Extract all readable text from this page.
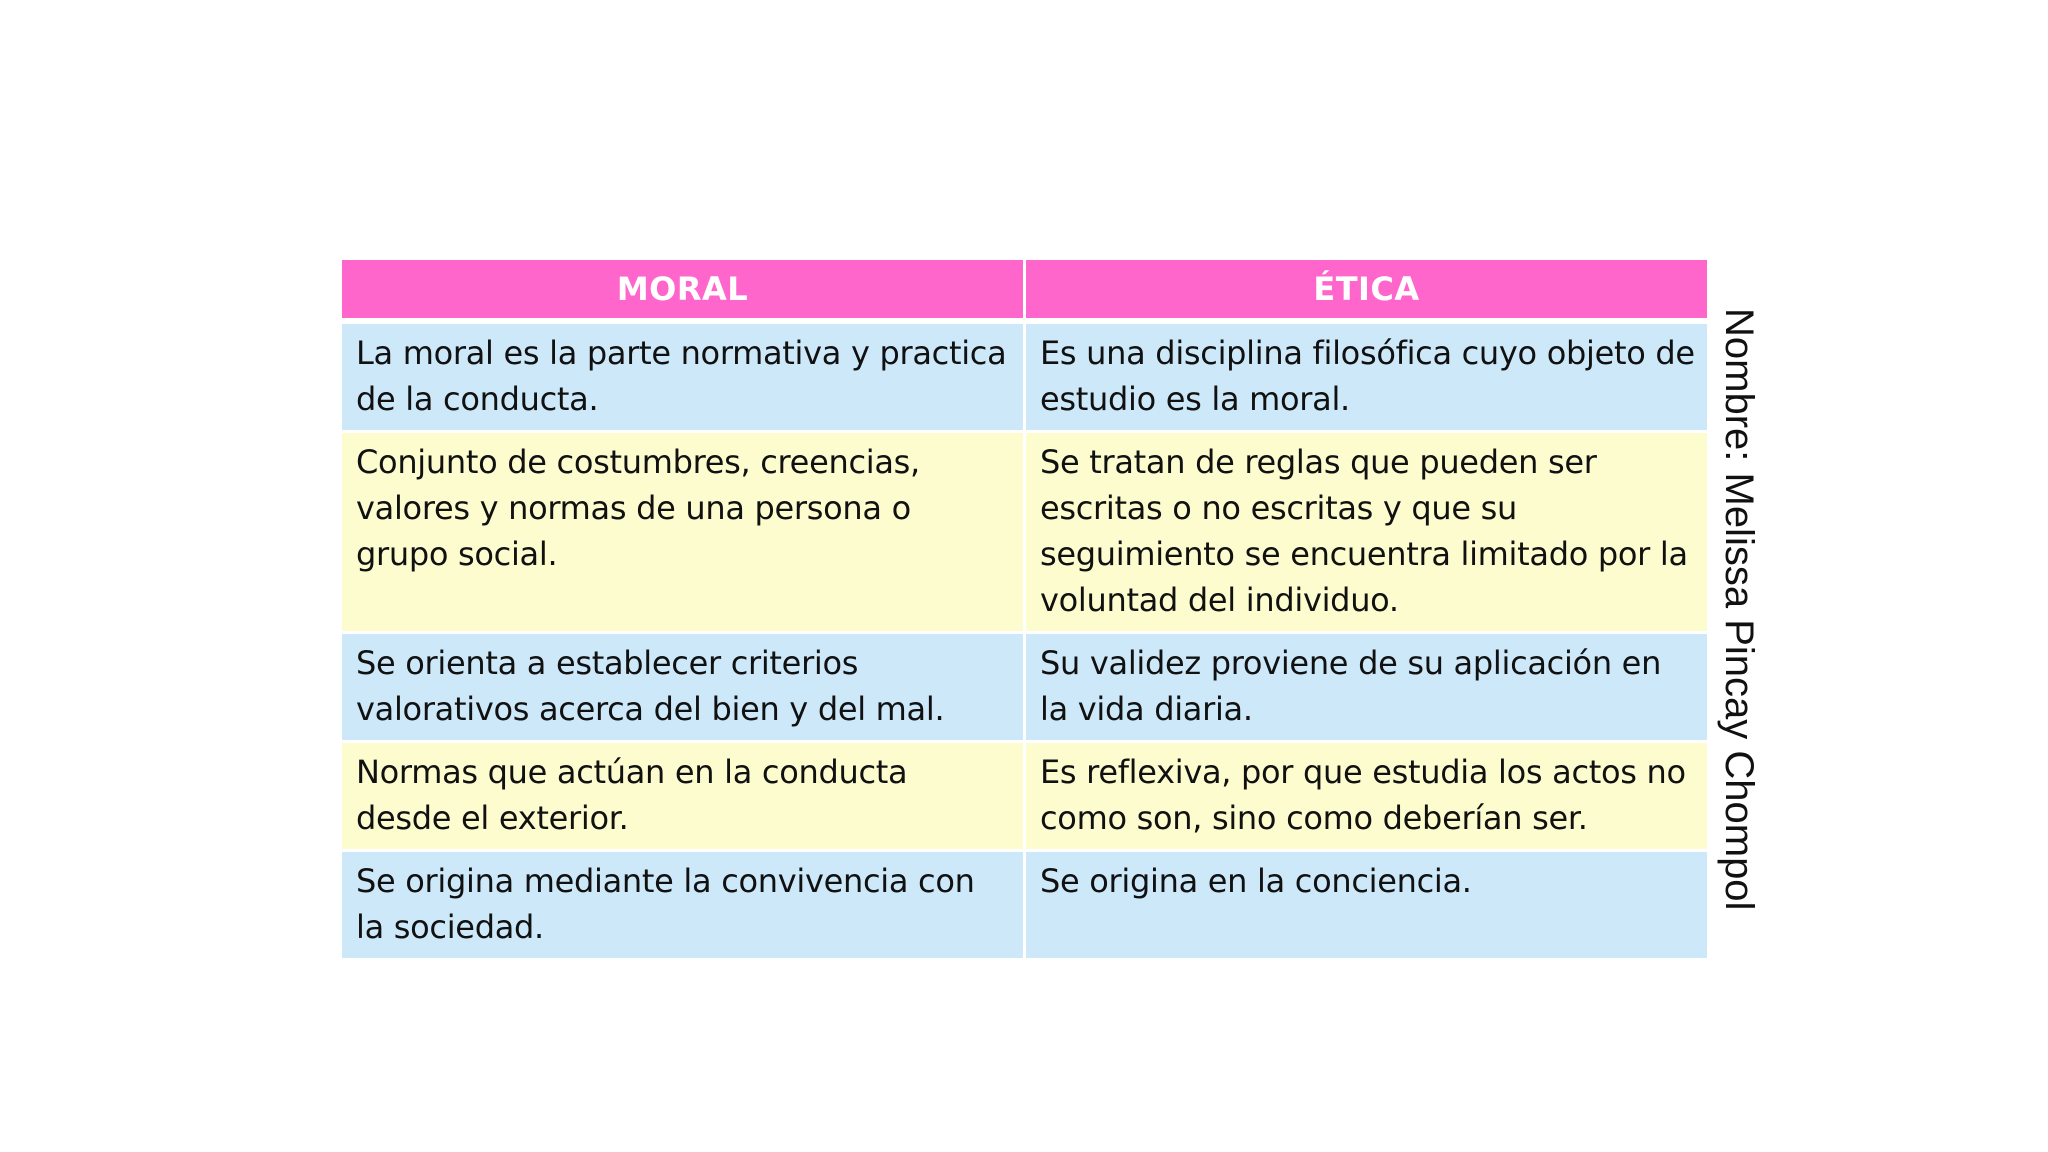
MORAL	ÉTICA
La moral es la parte normativa y practica de la conducta.	Es una disciplina filosófica cuyo objeto de estudio es la moral.
Conjunto de costumbres, creencias, valores y normas de una persona o grupo social.	Se tratan de reglas que pueden ser escritas o no escritas y que su seguimiento se encuentra limitado por la voluntad del individuo.
Se orienta a establecer criterios valorativos acerca del bien y del mal.	Su validez proviene de su aplicación en la vida diaria.
Normas que actúan en la conducta desde el exterior.	Es reflexiva, por que estudia los actos no como son, sino como deberían ser.
Se origina mediante la convivencia con la sociedad.	Se origina en la conciencia.	Nombre: Melissa Pincay Chompol
